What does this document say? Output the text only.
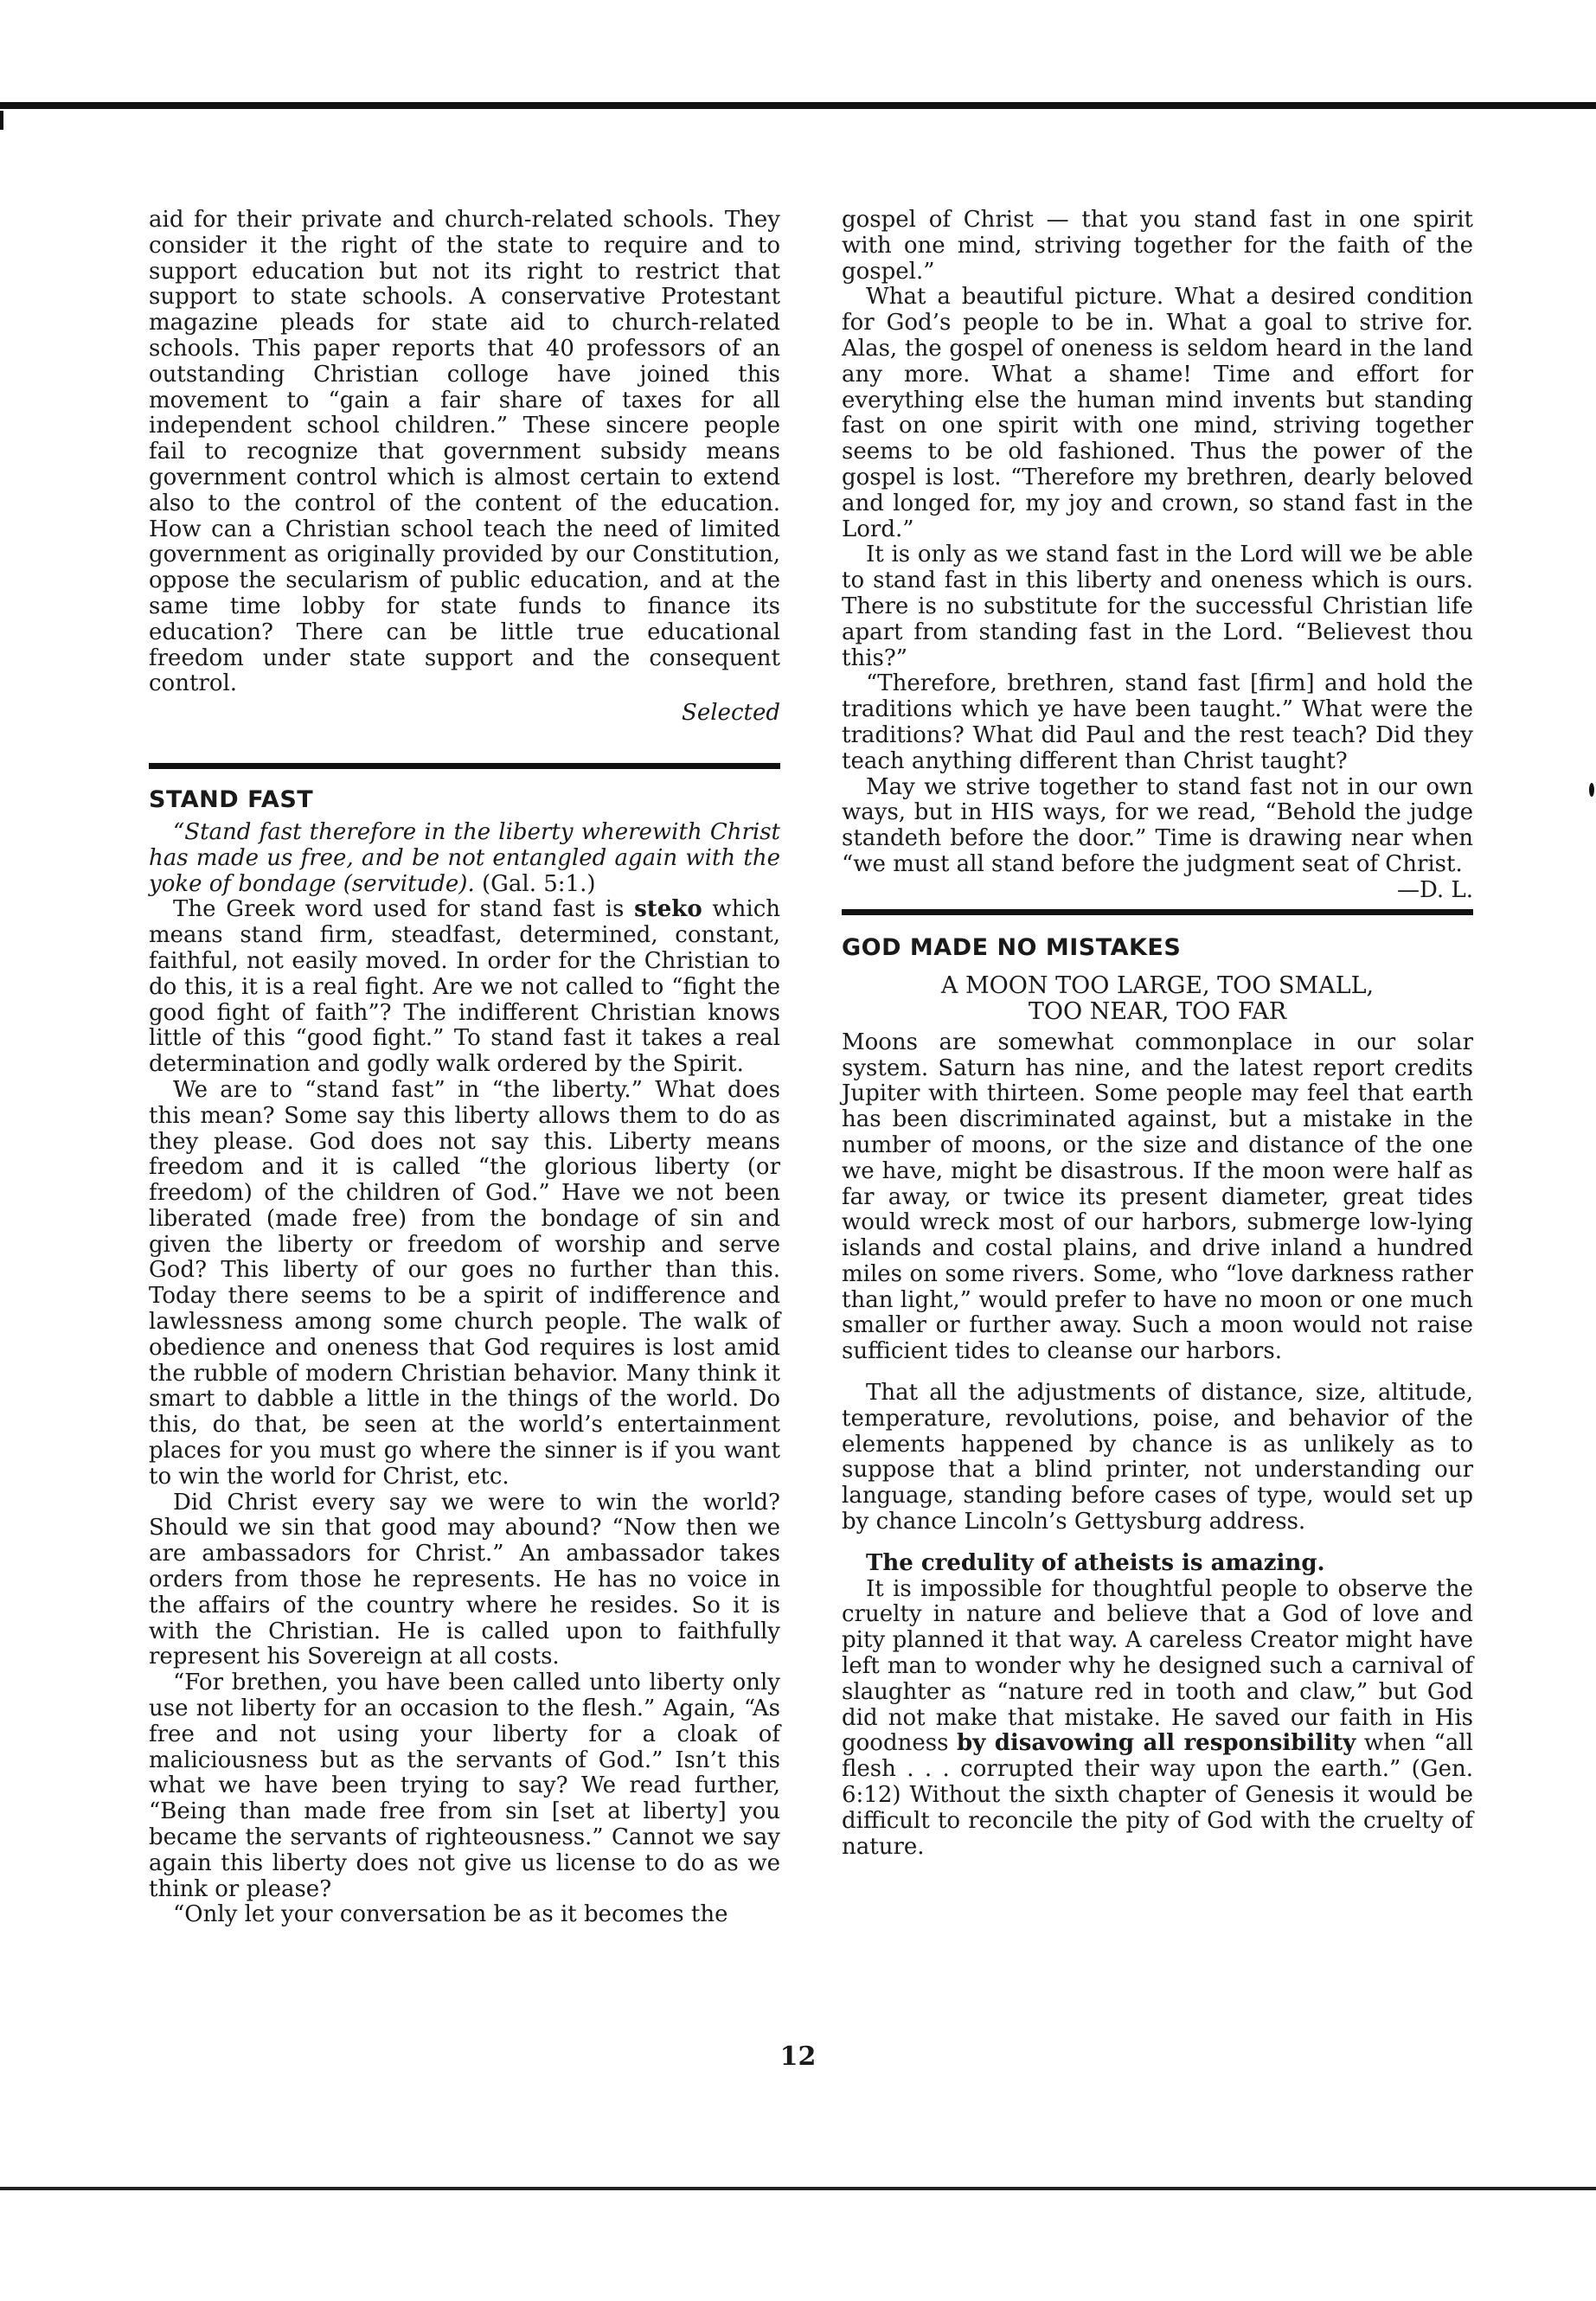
aid for their private and church-related schools. They consider it the right of the state to require and to support education but not its right to restrict that support to state schools. A conservative Protestant magazine pleads for state aid to church-related schools. This paper reports that 40 professors of an outstanding Christian colloge have joined this movement to “gain a fair share of taxes for all independent school children.” These sincere people fail to recognize that government subsidy means government control which is almost certain to extend also to the control of the content of the education. How can a Christian school teach the need of limited government as originally provided by our Constitution, oppose the secularism of public education, and at the same time lobby for state funds to finance its education? There can be little true educational freedom under state support and the consequent control.

Selected

STAND FAST

“Stand fast therefore in the liberty wherewith Christ has made us free, and be not entangled again with the yoke of bondage (servitude). (Gal. 5:1.)

The Greek word used for stand fast is steko which means stand firm, steadfast, determined, constant, faithful, not easily moved. In order for the Christian to do this, it is a real fight. Are we not called to “fight the good fight of faith”? The indifferent Christian knows little of this “good fight.” To stand fast it takes a real determination and godly walk ordered by the Spirit.

We are to “stand fast” in “the liberty.” What does this mean? Some say this liberty allows them to do as they please. God does not say this. Liberty means freedom and it is called “the glorious liberty (or freedom) of the children of God.” Have we not been liberated (made free) from the bondage of sin and given the liberty or freedom of worship and serve God? This liberty of our goes no further than this. Today there seems to be a spirit of indifference and lawlessness among some church people. The walk of obedience and oneness that God requires is lost amid the rubble of modern Christian behavior. Many think it smart to dabble a little in the things of the world. Do this, do that, be seen at the world’s entertainment places for you must go where the sinner is if you want to win the world for Christ, etc.

Did Christ every say we were to win the world? Should we sin that good may abound? “Now then we are ambassadors for Christ.” An ambassador takes orders from those he represents. He has no voice in the affairs of the country where he resides. So it is with the Christian. He is called upon to faithfully represent his Sovereign at all costs.

“For brethen, you have been called unto liberty only use not liberty for an occasion to the flesh.” Again, “As free and not using your liberty for a cloak of maliciousness but as the servants of God.” Isn’t this what we have been trying to say? We read further, “Being than made free from sin [set at liberty] you became the servants of righteousness.” Cannot we say again this liberty does not give us license to do as we think or please?

“Only let your conversation be as it becomes the

gospel of Christ — that you stand fast in one spirit with one mind, striving together for the faith of the gospel.”

What a beautiful picture. What a desired condition for God’s people to be in. What a goal to strive for. Alas, the gospel of oneness is seldom heard in the land any more. What a shame! Time and effort for everything else the human mind invents but standing fast on one spirit with one mind, striving together seems to be old fashioned. Thus the power of the gospel is lost. “Therefore my brethren, dearly beloved and longed for, my joy and crown, so stand fast in the Lord.”

It is only as we stand fast in the Lord will we be able to stand fast in this liberty and oneness which is ours. There is no substitute for the successful Christian life apart from standing fast in the Lord. “Believest thou this?”

“Therefore, brethren, stand fast [firm] and hold the traditions which ye have been taught.” What were the traditions? What did Paul and the rest teach? Did they teach anything different than Christ taught?

May we strive together to stand fast not in our own ways, but in HIS ways, for we read, “Behold the judge standeth before the door.” Time is drawing near when “we must all stand before the judgment seat of Christ.
—D. L.

GOD MADE NO MISTAKES
A MOON TOO LARGE, TOO SMALL,
TOO NEAR, TOO FAR

Moons are somewhat commonplace in our solar system. Saturn has nine, and the latest report credits Jupiter with thirteen. Some people may feel that earth has been discriminated against, but a mistake in the number of moons, or the size and distance of the one we have, might be disastrous. If the moon were half as far away, or twice its present diameter, great tides would wreck most of our harbors, submerge low-lying islands and costal plains, and drive inland a hundred miles on some rivers. Some, who “love darkness rather than light,” would prefer to have no moon or one much smaller or further away. Such a moon would not raise sufficient tides to cleanse our harbors.

That all the adjustments of distance, size, altitude, temperature, revolutions, poise, and behavior of the elements happened by chance is as unlikely as to suppose that a blind printer, not understanding our language, standing before cases of type, would set up by chance Lincoln’s Gettysburg address.

The credulity of atheists is amazing.

It is impossible for thoughtful people to observe the cruelty in nature and believe that a God of love and pity planned it that way. A careless Creator might have left man to wonder why he designed such a carnival of slaughter as “nature red in tooth and claw,” but God did not make that mistake. He saved our faith in His goodness by disavowing all responsibility when “all flesh . . . corrupted their way upon the earth.” (Gen. 6:12) Without the sixth chapter of Genesis it would be difficult to reconcile the pity of God with the cruelty of nature.

12
